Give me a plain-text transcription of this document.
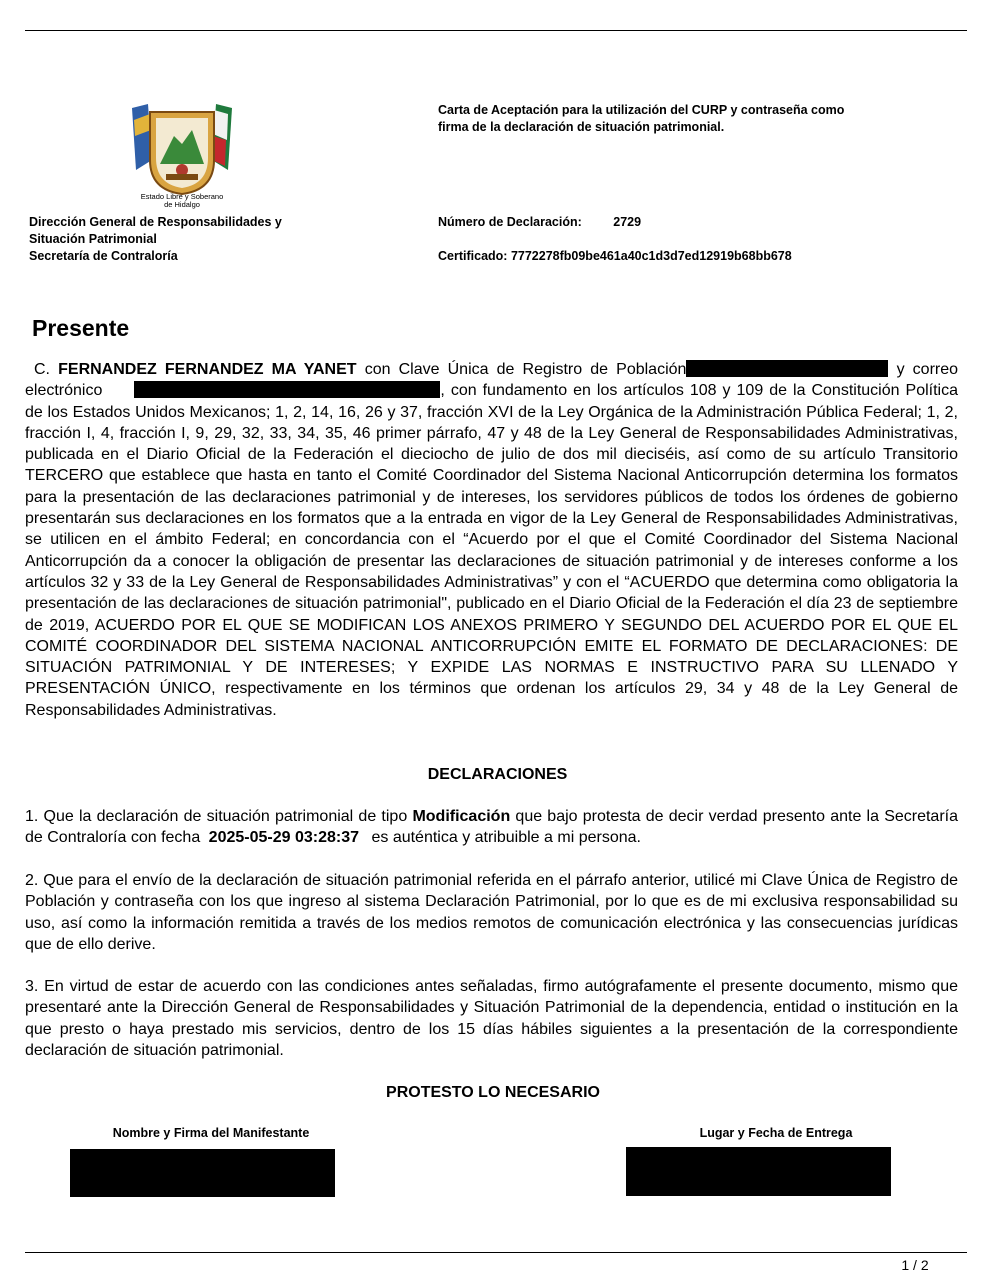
Estado Libre y Soberano
de Hidalgo
Carta de Aceptación para la utilización del CURP y contraseña como
firma de la declaración de situación patrimonial.
Dirección General de Responsabilidades y
Situación Patrimonial
Secretaría de Contraloría
Número de Declaración:	2729
Certificado: 7772278fb09be461a40c1d3d7ed12919b68bb678
Presente
C. FERNANDEZ FERNANDEZ MA YANET con Clave Única de Registro de Población	y correo electrónico	, con fundamento en los artículos 108 y 109 de la Constitución Política de los Estados Unidos Mexicanos; 1, 2, 14, 16, 26 y 37, fracción XVI de la Ley Orgánica de la Administración Pública Federal; 1, 2, fracción I, 4, fracción I, 9, 29, 32, 33, 34, 35, 46 primer párrafo, 47 y 48 de la Ley General de Responsabilidades Administrativas, publicada en el Diario Oficial de la Federación el dieciocho de julio de dos mil dieciséis, así como de su artículo Transitorio TERCERO que establece que hasta en tanto el Comité Coordinador del Sistema Nacional Anticorrupción determina los formatos para la presentación de las declaraciones patrimonial y de intereses, los servidores públicos de todos los órdenes de gobierno presentarán sus declaraciones en los formatos que a la entrada en vigor de la Ley General de Responsabilidades Administrativas, se utilicen en el ámbito Federal; en concordancia con el “Acuerdo por el que el Comité Coordinador del Sistema Nacional Anticorrupción da a conocer la obligación de presentar las declaraciones de situación patrimonial y de intereses conforme a los artículos 32 y 33 de la Ley General de Responsabilidades Administrativas” y con el “ACUERDO que determina como obligatoria la presentación de las declaraciones de situación patrimonial", publicado en el Diario Oficial de la Federación el día 23 de septiembre de 2019, ACUERDO POR EL QUE SE MODIFICAN LOS ANEXOS PRIMERO Y SEGUNDO DEL ACUERDO POR EL QUE EL COMITÉ COORDINADOR DEL SISTEMA NACIONAL ANTICORRUPCIÓN EMITE EL FORMATO DE DECLARACIONES: DE SITUACIÓN PATRIMONIAL Y DE INTERESES; Y EXPIDE LAS NORMAS E INSTRUCTIVO PARA SU LLENADO Y PRESENTACIÓN ÚNICO, respectivamente en los términos que ordenan los artículos 29, 34 y 48 de la Ley General de Responsabilidades Administrativas.
DECLARACIONES
1. Que la declaración de situación patrimonial de tipo Modificación que bajo protesta de decir verdad presento ante la Secretaría de Contraloría con fecha 2025-05-29 03:28:37 es auténtica y atribuible a mi persona.
2. Que para el envío de la declaración de situación patrimonial referida en el párrafo anterior, utilicé mi Clave Única de Registro de Población y contraseña con los que ingreso al sistema Declaración Patrimonial, por lo que es de mi exclusiva responsabilidad su uso, así como la información remitida a través de los medios remotos de comunicación electrónica y las consecuencias jurídicas que de ello derive.
3. En virtud de estar de acuerdo con las condiciones antes señaladas, firmo autógrafamente el presente documento, mismo que presentaré ante la Dirección General de Responsabilidades y Situación Patrimonial de la dependencia, entidad o institución en la que presto o haya prestado mis servicios, dentro de los 15 días hábiles siguientes a la presentación de la correspondiente declaración de situación patrimonial.
PROTESTO LO NECESARIO
Nombre y Firma del Manifestante	Lugar y Fecha de Entrega
1 / 2
